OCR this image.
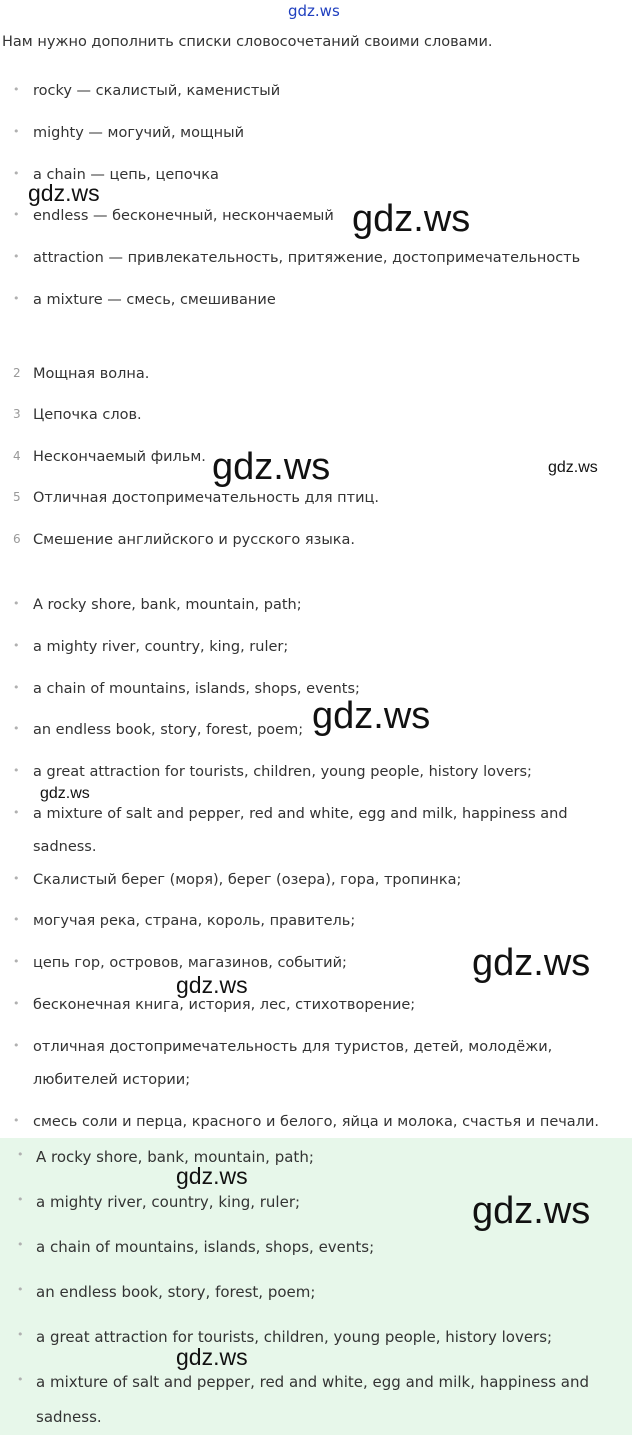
gdz.ws
Нам нужно дополнить списки словосочетаний своими словами.
• rocky — скалистый, каменистый
• mighty — могучий, мощный
• a chain — цепь, цепочка
• endless — бесконечный, нескончаемый
• attraction — привлекательность, притяжение, достопримечательность
• a mixture — смесь, смешивание
2 Мощная волна.
3 Цепочка слов.
4 Нескончаемый фильм.
5 Отличная достопримечательность для птиц.
6 Смешение английского и русского языка.
• A rocky shore, bank, mountain, path;
• a mighty river, country, king, ruler;
• a chain of mountains, islands, shops, events;
• an endless book, story, forest, poem;
• a great attraction for tourists, children, young people, history lovers;
• a mixture of salt and pepper, red and white, egg and milk, happiness and sadness.
• Скалистый берег (моря), берег (озера), гора, тропинка;
• могучая река, страна, король, правитель;
• цепь гор, островов, магазинов, событий;
• бесконечная книга, история, лес, стихотворение;
• отличная достопримечательность для туристов, детей, молодёжи, любителей истории;
• смесь соли и перца, красного и белого, яйца и молока, счастья и печали.
• A rocky shore, bank, mountain, path;
• a mighty river, country, king, ruler;
• a chain of mountains, islands, shops, events;
• an endless book, story, forest, poem;
• a great attraction for tourists, children, young people, history lovers;
• a mixture of salt and pepper, red and white, egg and milk, happiness and sadness.
gdz.ws
gdz.ws
gdz.ws	gdz.ws
gdz.ws
gdz.ws
gdz.ws
gdz.ws
gdz.ws
gdz.ws
gdz.ws
